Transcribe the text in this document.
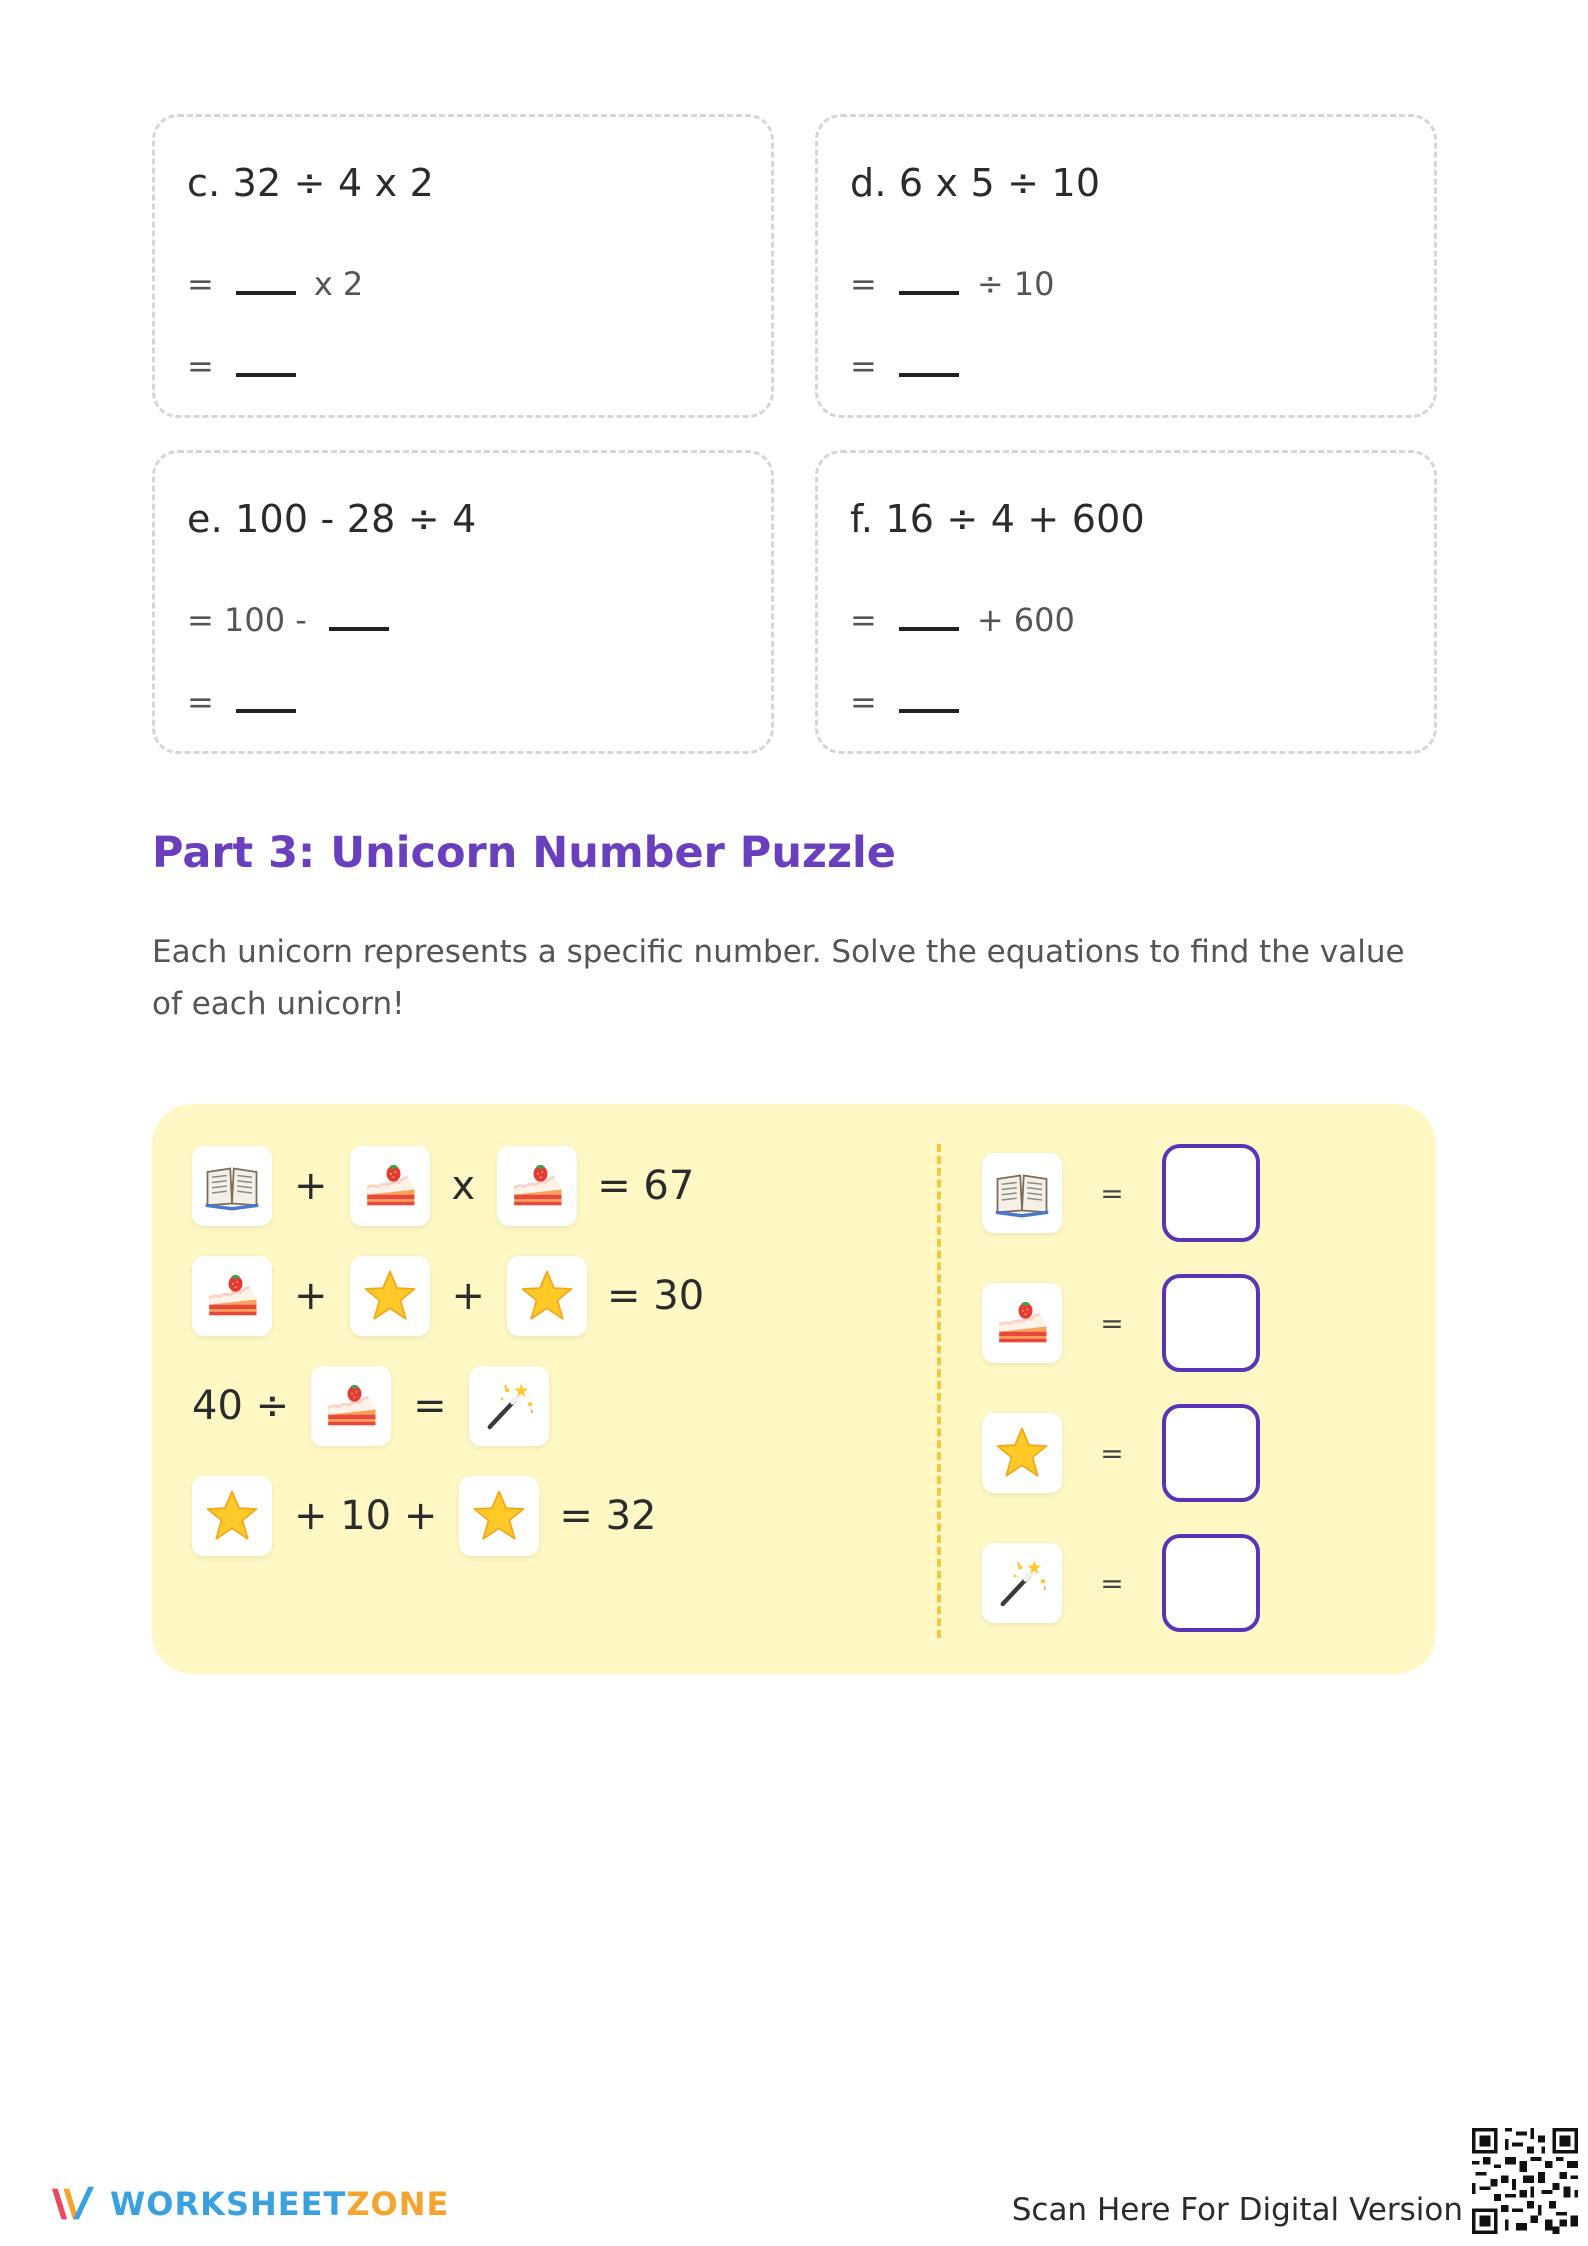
c. 32 ÷ 4 x 2
=	x 2
=
d. 6 x 5 ÷ 10
=	÷ 10
=
e. 100 - 28 ÷ 4
= 100 -
=
f. 16 ÷ 4 + 600
=	+ 600
=
Part 3: Unicorn Number Puzzle
Each unicorn represents a specific number. Solve the equations to find the value of each unicorn!
+	x	= 67
+	+	= 30
40 ÷	=
+ 10 +	= 32
=
=
=
=
WORKSHEETZONE	Scan Here For Digital Version
